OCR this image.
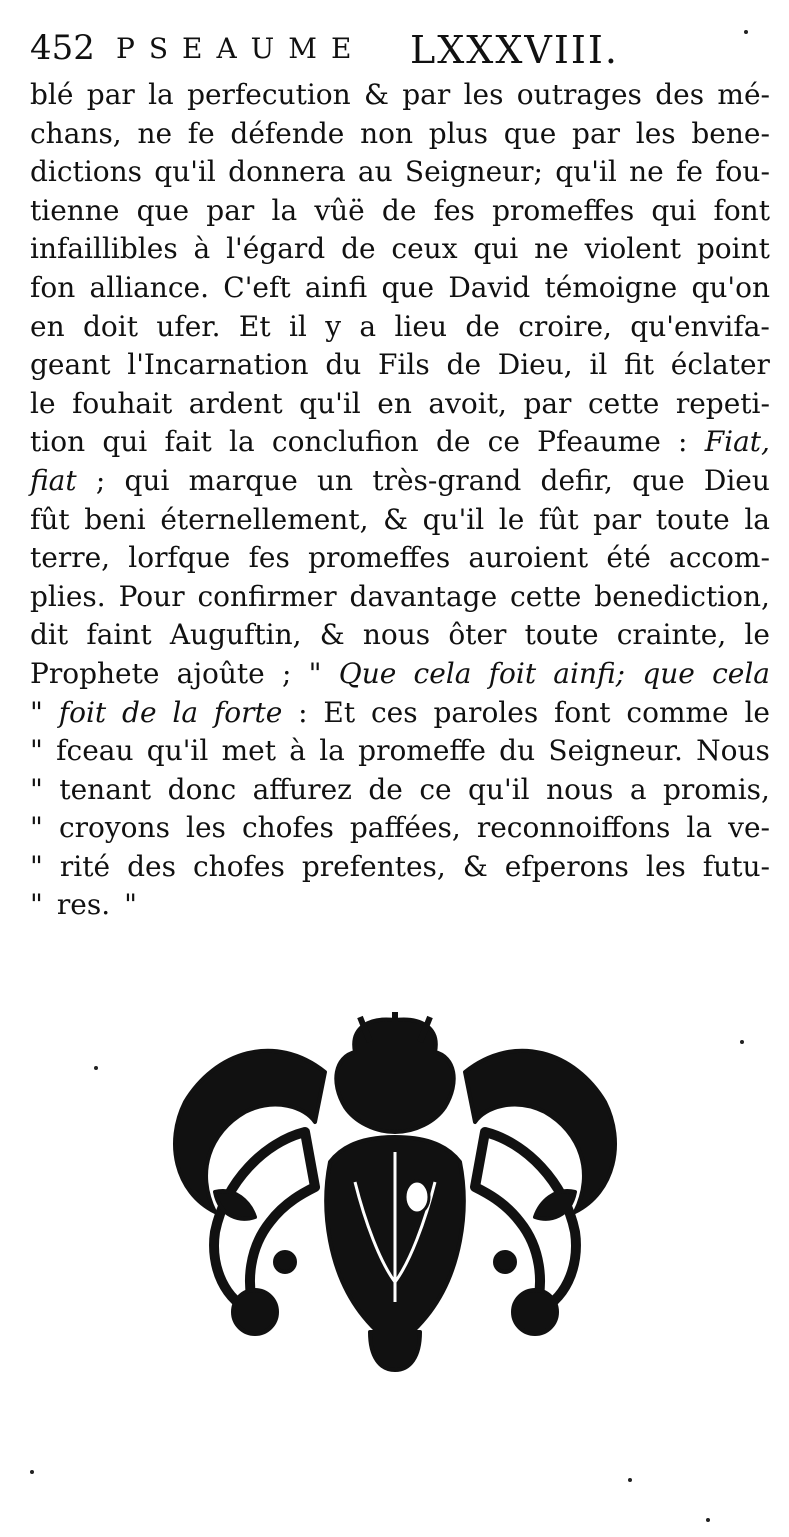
452 PSEAUME LXXXVIII.
blé par la perfecution & par les outrages des mé-
chans, ne fe défende non plus que par les bene-
dictions qu'il donnera au Seigneur; qu'il ne fe fou-
tienne que par la vûë de fes promeffes qui font
infaillibles à l'égard de ceux qui ne violent point
fon alliance. C'eft ainfi que David témoigne qu'on
en doit ufer. Et il y a lieu de croire, qu'envifa-
geant l'Incarnation du Fils de Dieu, il fit éclater
le fouhait ardent qu'il en avoit, par cette repeti-
tion qui fait la conclufion de ce Pfeaume : Fiat,
fiat ; qui marque un très-grand defir, que Dieu
fût beni éternellement, & qu'il le fût par toute la
terre, lorfque fes promeffes auroient été accom-
plies. Pour confirmer davantage cette benediction,
dit faint Auguftin, & nous ôter toute crainte, le
Prophete ajoûte ; " Que cela foit ainfi; que cela
" foit de la forte : Et ces paroles font comme le
" fceau qu'il met à la promeffe du Seigneur. Nous
" tenant donc affurez de ce qu'il nous a promis,
" croyons les chofes paffées, reconnoiffons la ve-
" rité des chofes prefentes, & efperons les futu-
" res. "
